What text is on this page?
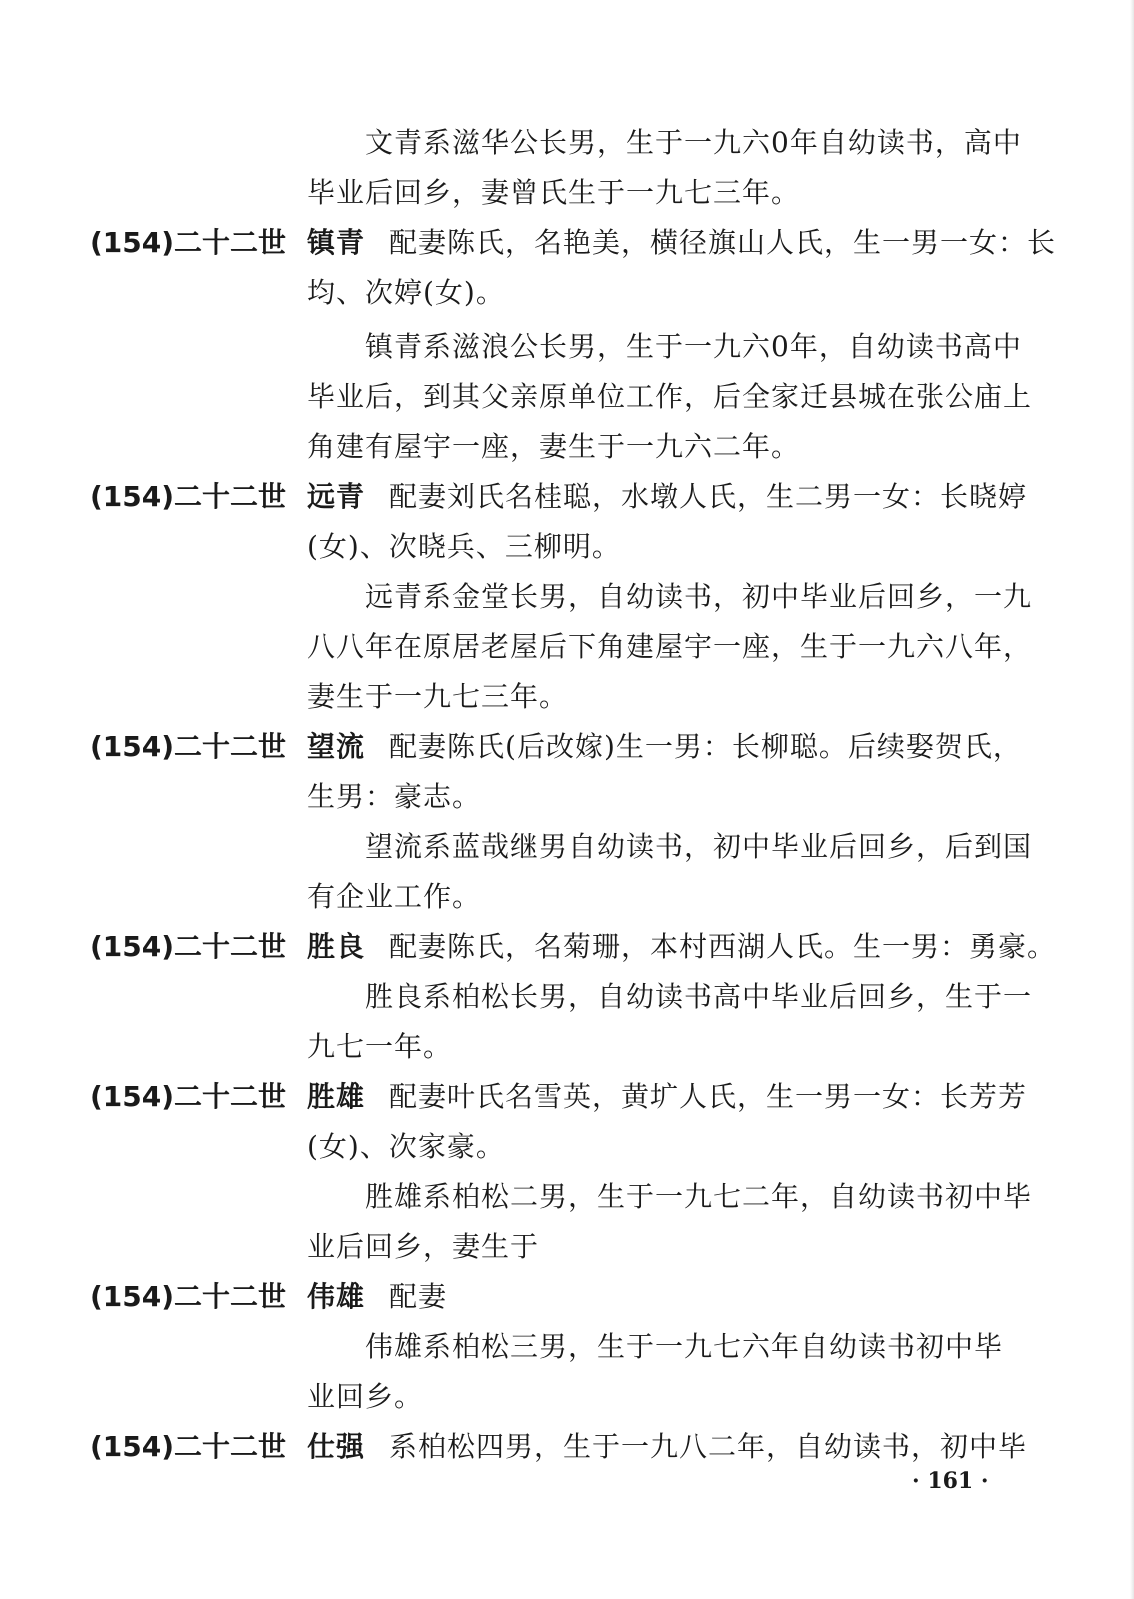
文青系滋华公长男，生于一九六0年自幼读书，高中
毕业后回乡，妻曾氏生于一九七三年。
(154)二十二世 镇青 配妻陈氏，名艳美，横径旗山人氏，生一男一女：长
均、次婷(女)。
镇青系滋浪公长男，生于一九六0年，自幼读书高中
毕业后，到其父亲原单位工作，后全家迁县城在张公庙上
角建有屋宇一座，妻生于一九六二年。
(154)二十二世 远青 配妻刘氏名桂聪，水墩人氏，生二男一女：长晓婷
(女)、次晓兵、三柳明。
远青系金堂长男，自幼读书，初中毕业后回乡，一九
八八年在原居老屋后下角建屋宇一座，生于一九六八年，
妻生于一九七三年。
(154)二十二世 望流 配妻陈氏(后改嫁)生一男：长柳聪。后续娶贺氏，
生男：豪志。
望流系蓝哉继男自幼读书，初中毕业后回乡，后到国
有企业工作。
(154)二十二世 胜良 配妻陈氏，名菊珊，本村西湖人氏。生一男：勇豪。
胜良系柏松长男，自幼读书高中毕业后回乡，生于一
九七一年。
(154)二十二世 胜雄 配妻叶氏名雪英，黄圹人氏，生一男一女：长芳芳
(女)、次家豪。
胜雄系柏松二男，生于一九七二年，自幼读书初中毕
业后回乡，妻生于
(154)二十二世 伟雄 配妻
伟雄系柏松三男，生于一九七六年自幼读书初中毕
业回乡。
(154)二十二世 仕强 系柏松四男，生于一九八二年，自幼读书，初中毕
· 161 ·
